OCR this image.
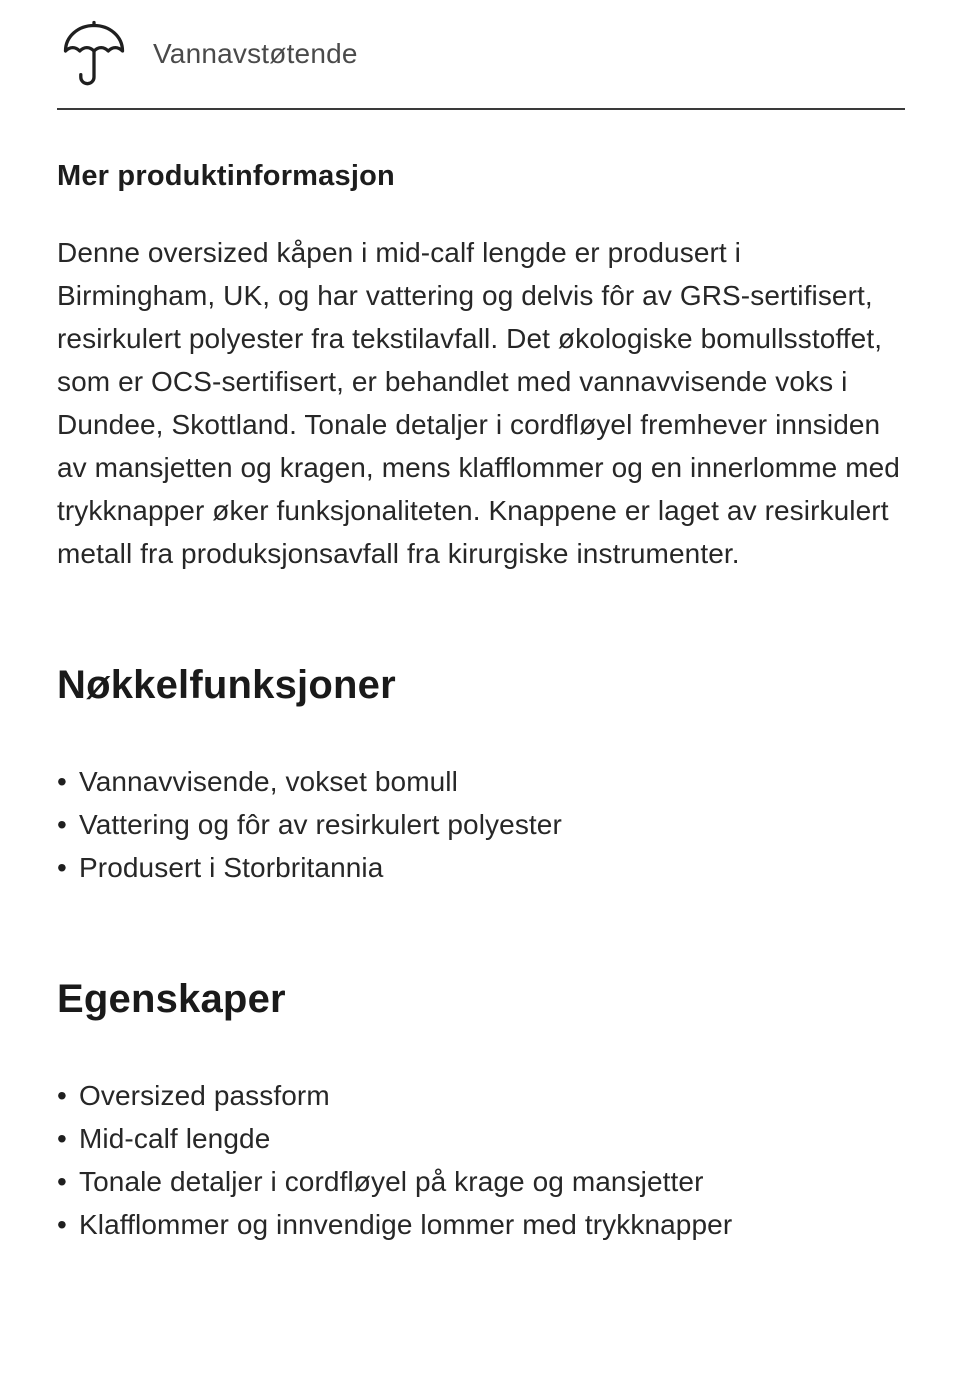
Vannavstøtende
Mer produktinformasjon

Denne oversized kåpen i mid-calf lengde er produsert i Birmingham, UK, og har vattering og delvis fôr av GRS-sertifisert, resirkulert polyester fra tekstilavfall. Det økologiske bomullsstoffet, som er OCS-sertifisert, er behandlet med vannavvisende voks i Dundee, Skottland. Tonale detaljer i cordfløyel fremhever innsiden av mansjetten og kragen, mens klafflommer og en innerlomme med trykknapper øker funksjonaliteten. Knappene er laget av resirkulert metall fra produksjonsavfall fra kirurgiske instrumenter.

Nøkkelfunksjoner
• Vannavvisende, vokset bomull
• Vattering og fôr av resirkulert polyester
• Produsert i Storbritannia
Egenskaper
• Oversized passform
• Mid-calf lengde
• Tonale detaljer i cordfløyel på krage og mansjetter
• Klafflommer og innvendige lommer med trykknapper
